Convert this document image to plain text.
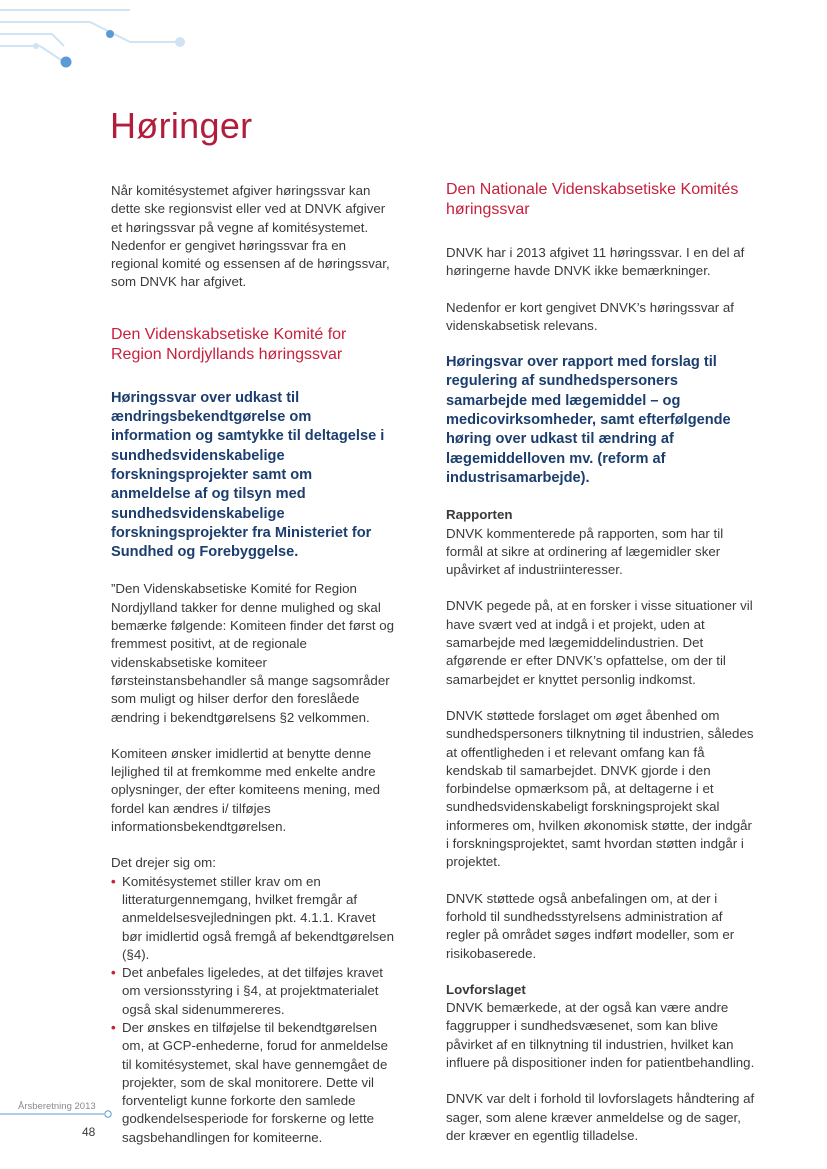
Høringer

Når komitésystemet afgiver høringssvar kan dette ske regionsvist eller ved at DNVK afgiver et høringssvar på vegne af komitésystemet. Nedenfor er gengivet høringssvar fra en regional komité og essensen af de høringssvar, som DNVK har afgivet.

Den Videnskabsetiske Komité for Region Nordjyllands høringssvar

Høringssvar over udkast til ændringsbekendtgørelse om information og samtykke til deltagelse i sundhedsvidenskabelige forskningsprojekter samt om anmeldelse af og tilsyn med sundhedsvidenskabelige forskningsprojekter fra Ministeriet for Sundhed og Forebyggelse.

”Den Videnskabsetiske Komité for Region Nordjylland takker for denne mulighed og skal bemærke følgende: Komiteen finder det først og fremmest positivt, at de regionale videnskabsetiske komiteer førsteinstansbehandler så mange sagsområder som muligt og hilser derfor den foreslåede ændring i bekendtgørelsens §2 velkommen.

Komiteen ønsker imidlertid at benytte denne lejlighed til at fremkomme med enkelte andre oplysninger, der efter komiteens mening, med fordel kan ændres i/ tilføjes informationsbekendtgørelsen.

Det drejer sig om:

• Komitésystemet stiller krav om en litteraturgennemgang, hvilket fremgår af anmeldelsesvejledningen pkt. 4.1.1. Kravet bør imidlertid også fremgå af bekendtgørelsen (§4).
• Det anbefales ligeledes, at det tilføjes kravet om versionsstyring i §4, at projektmaterialet også skal sidenummereres.
• Der ønskes en tilføjelse til bekendtgørelsen om, at GCP-enhederne, forud for anmeldelse til komitésystemet, skal have gennemgået de projekter, som de skal monitorere. Dette vil forventeligt kunne forkorte den samlede godkendelsesperiode for forskerne og lette sagsbehandlingen for komiteerne.
Den Nationale Videnskabsetiske Komités høringssvar

DNVK har i 2013 afgivet 11 høringssvar. I en del af høringerne havde DNVK ikke bemærkninger.

Nedenfor er kort gengivet DNVK’s høringssvar af videnskabsetisk relevans.

Høringsvar over rapport med forslag til regulering af sundhedspersoners samarbejde med lægemiddel – og medicovirksomheder, samt efterfølgende høring over udkast til ændring af lægemiddelloven mv. (reform af industrisamarbejde).

Rapporten

DNVK kommenterede på rapporten, som har til formål at sikre at ordinering af lægemidler sker upåvirket af industriinteresser.

DNVK pegede på, at en forsker i visse situationer vil have svært ved at indgå i et projekt, uden at samarbejde med lægemiddelindustrien. Det afgørende er efter DNVK’s opfattelse, om der til samarbejdet er knyttet personlig indkomst.

DNVK støttede forslaget om øget åbenhed om sundhedspersoners tilknytning til industrien, således at offentligheden i et relevant omfang kan få kendskab til samarbejdet. DNVK gjorde i den forbindelse opmærksom på, at deltagerne i et sundhedsvidenskabeligt forskningsprojekt skal informeres om, hvilken økonomisk støtte, der indgår i forskningsprojektet, samt hvordan støtten indgår i projektet.

DNVK støttede også anbefalingen om, at der i forhold til sundhedsstyrelsens administration af regler på området søges indført modeller, som er risikobaserede.

Lovforslaget

DNVK bemærkede, at der også kan være andre faggrupper i sundhedsvæsenet, som kan blive påvirket af en tilknytning til industrien, hvilket kan influere på dispositioner inden for patientbehandling.

DNVK var delt i forhold til lovforslagets håndtering af sager, som alene kræver anmeldelse og de sager, der kræver en egentlig tilladelse.

Årsberetning 2013
48
